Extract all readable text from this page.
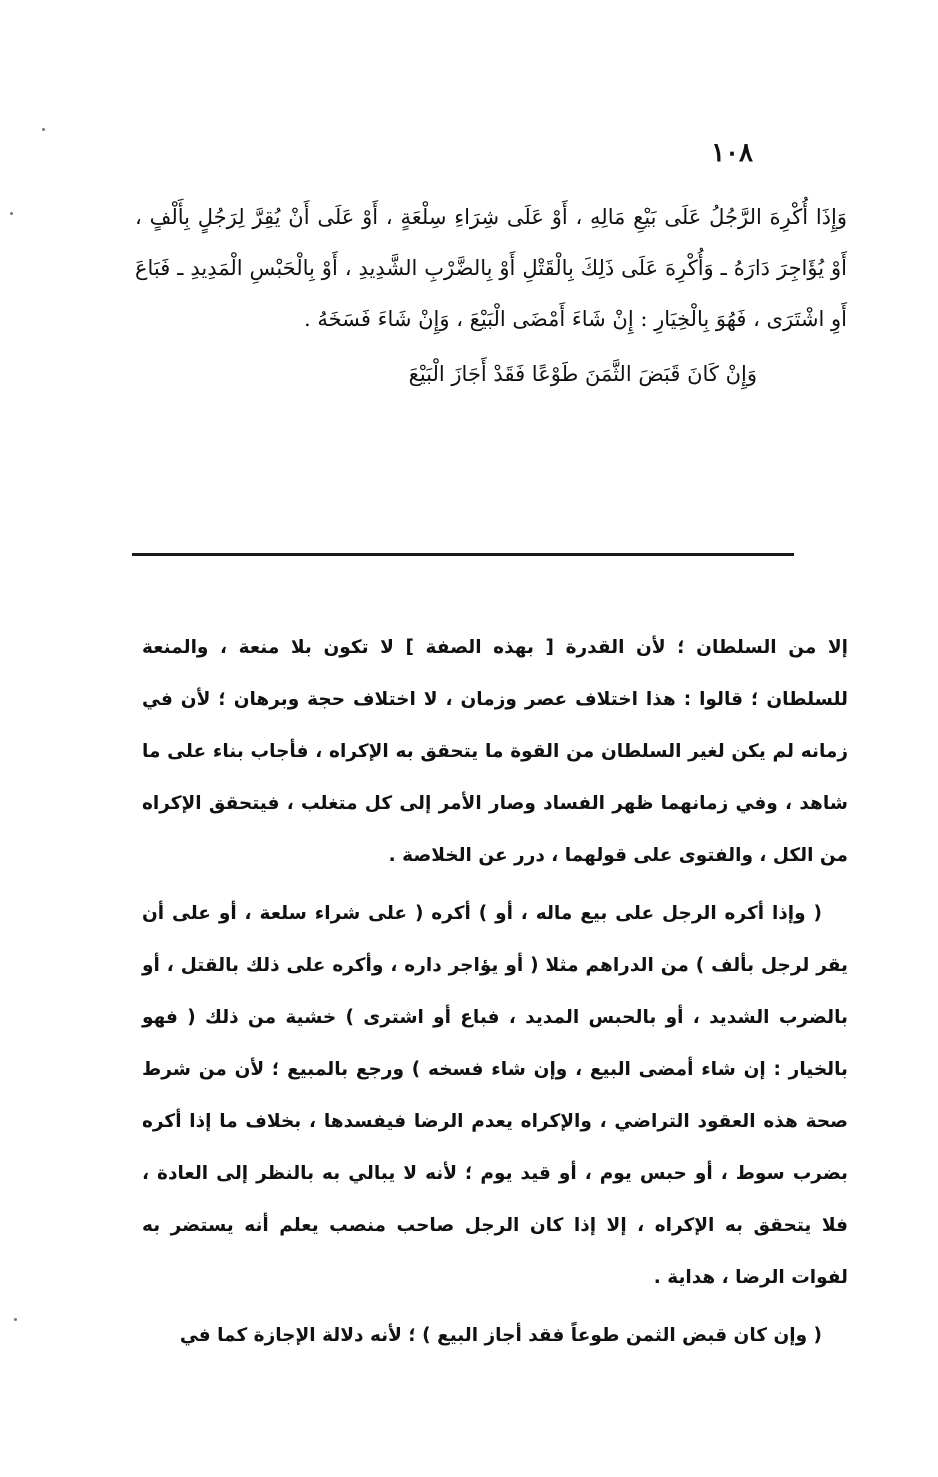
١٠٨

وَإِذَا أُكْرِهَ الرَّجُلُ عَلَى بَيْعِ مَالِهِ ، أَوْ عَلَى شِرَاءِ سِلْعَةٍ ، أَوْ عَلَى أَنْ يُقِرَّ لِرَجُلٍ بِأَلْفٍ ، أَوْ يُؤَاجِرَ دَارَهُ ـ وَأُكْرِهَ عَلَى ذَلِكَ بِالْقَتْلِ أَوْ بِالضَّرْبِ الشَّدِيدِ ، أَوْ بِالْحَبْسِ الْمَدِيدِ ـ فَبَاعَ أَوِ اشْتَرَى ، فَهُوَ بِالْخِيَارِ : إِنْ شَاءَ أَمْضَى الْبَيْعَ ، وَإِنْ شَاءَ فَسَخَهُ .

وَإِنْ كَانَ قَبَضَ الثَّمَنَ طَوْعًا فَقَدْ أَجَازَ الْبَيْعَ

إلا من السلطان ؛ لأن القدرة [ بهذه الصفة ] لا تكون بلا منعة ، والمنعة للسلطان ؛ قالوا : هذا اختلاف عصر وزمان ، لا اختلاف حجة وبرهان ؛ لأن في زمانه لم يكن لغير السلطان من القوة ما يتحقق به الإكراه ، فأجاب بناء على ما شاهد ، وفي زمانهما ظهر الفساد وصار الأمر إلى كل متغلب ، فيتحقق الإكراه من الكل ، والفتوى على قولهما ، درر عن الخلاصة .

( وإذا أكره الرجل على بيع ماله ، أو ) أكره ( على شراء سلعة ، أو على أن يقر لرجل بألف ) من الدراهم مثلا ( أو يؤاجر داره ، وأكره على ذلك بالقتل ، أو بالضرب الشديد ، أو بالحبس المديد ، فباع أو اشترى ) خشية من ذلك ( فهو بالخيار : إن شاء أمضى البيع ، وإن شاء فسخه ) ورجع بالمبيع ؛ لأن من شرط صحة هذه العقود التراضي ، والإكراه يعدم الرضا فيفسدها ، بخلاف ما إذا أكره بضرب سوط ، أو حبس يوم ، أو قيد يوم ؛ لأنه لا يبالي به بالنظر إلى العادة ، فلا يتحقق به الإكراه ، إلا إذا كان الرجل صاحب منصب يعلم أنه يستضر به لفوات الرضا ، هداية .

( وإن كان قبض الثمن طوعاً فقد أجاز البيع ) ؛ لأنه دلالة الإجازة كما في
